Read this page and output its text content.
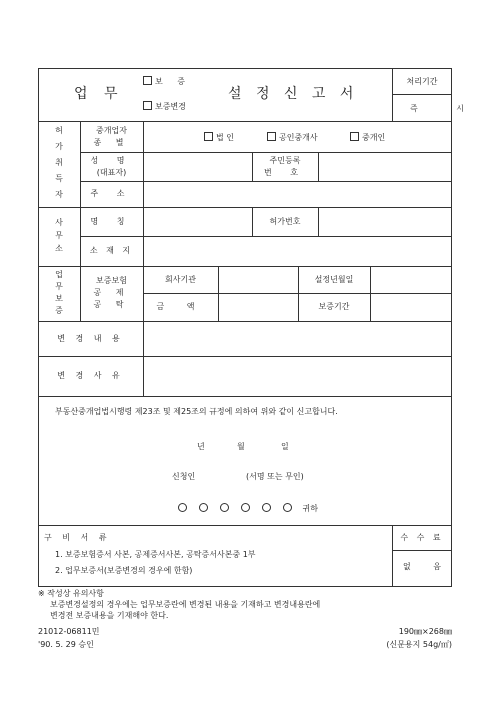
업 무
보 증
보증변경
설 정 신 고 서
처리기간
즉 시
허
가
취
득
자
중개업자
종 별
법 인	공인중개사	중개인
성 명
(대표자)
주민등록
번 호
주 소
사
무
소
명 칭	허가번호
소 재 지
업
무
보
증
보증보험
공 제
공 탁
회사기관	설정년월일
금 액	보증기간
변 경 내 용
변 경 사 유
부동산중개업법시행령 제23조 및 제25조의 규정에 의하여 위와 같이 신고합니다.
년	월	일
신청인	(서명 또는 무인)
귀하
구 비 서 류
1. 보증보험증서 사본, 공제증서사본, 공탁증서사본중 1부
2. 업무보증서(보증변경의 경우에 한함)
수 수 료
없 음
※ 작성상 유의사항
보증변경설정의 경우에는 업무보증란에 변경된 내용을 기재하고 변경내용란에
변경전 보증내용을 기재해야 한다.
21012-06811민
'90. 5. 29 승인
190㎜×268㎜
(신문용지 54g/㎡)
